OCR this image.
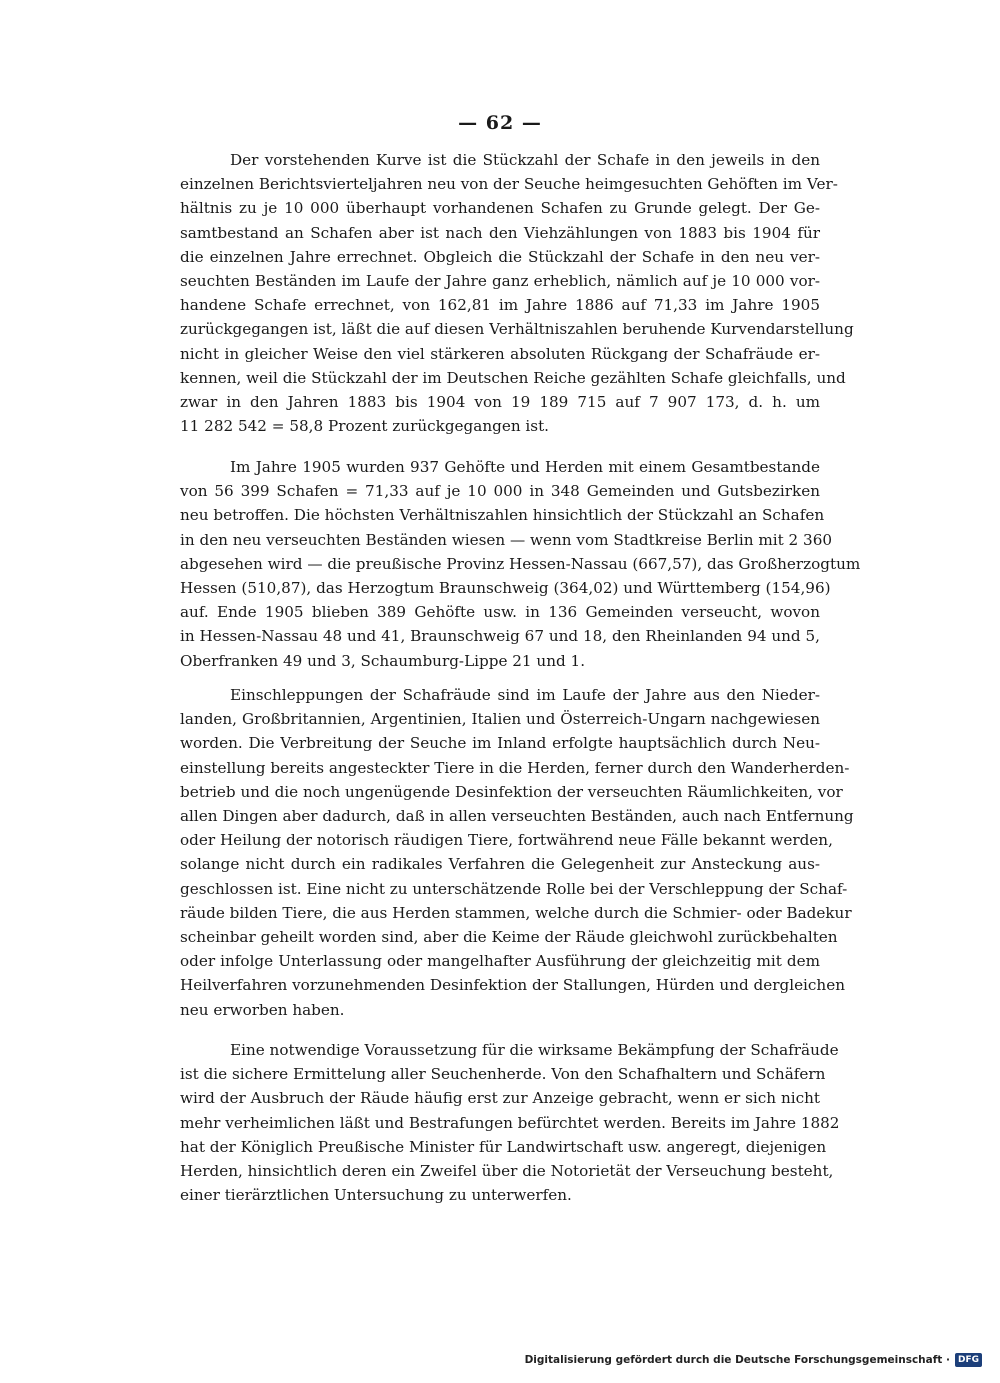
— 62 —
Der vorstehenden Kurve ist die Stückzahl der Schafe in den jeweils in den
einzelnen Berichtsvierteljahren neu von der Seuche heimgesuchten Gehöften im Ver-
hältnis zu je 10 000 überhaupt vorhandenen Schafen zu Grunde gelegt. Der Ge-
samtbestand an Schafen aber ist nach den Viehzählungen von 1883 bis 1904 für
die einzelnen Jahre errechnet. Obgleich die Stückzahl der Schafe in den neu ver-
seuchten Beständen im Laufe der Jahre ganz erheblich, nämlich auf je 10 000 vor-
handene Schafe errechnet, von 162,81 im Jahre 1886 auf 71,33 im Jahre 1905
zurückgegangen ist, läßt die auf diesen Verhältniszahlen beruhende Kurvendarstellung
nicht in gleicher Weise den viel stärkeren absoluten Rückgang der Schafräude er-
kennen, weil die Stückzahl der im Deutschen Reiche gezählten Schafe gleichfalls, und
zwar in den Jahren 1883 bis 1904 von 19 189 715 auf 7 907 173, d. h. um
11 282 542 = 58,8 Prozent zurückgegangen ist.
Im Jahre 1905 wurden 937 Gehöfte und Herden mit einem Gesamtbestande
von 56 399 Schafen = 71,33 auf je 10 000 in 348 Gemeinden und Gutsbezirken
neu betroffen. Die höchsten Verhältniszahlen hinsichtlich der Stückzahl an Schafen
in den neu verseuchten Beständen wiesen — wenn vom Stadtkreise Berlin mit 2 360
abgesehen wird — die preußische Provinz Hessen-Nassau (667,57), das Großherzogtum
Hessen (510,87), das Herzogtum Braunschweig (364,02) und Württemberg (154,96)
auf. Ende 1905 blieben 389 Gehöfte usw. in 136 Gemeinden verseucht, wovon
in Hessen-Nassau 48 und 41, Braunschweig 67 und 18, den Rheinlanden 94 und 5,
Oberfranken 49 und 3, Schaumburg-Lippe 21 und 1.
Einschleppungen der Schafräude sind im Laufe der Jahre aus den Nieder-
landen, Großbritannien, Argentinien, Italien und Österreich-Ungarn nachgewiesen
worden. Die Verbreitung der Seuche im Inland erfolgte hauptsächlich durch Neu-
einstellung bereits angesteckter Tiere in die Herden, ferner durch den Wanderherden-
betrieb und die noch ungenügende Desinfektion der verseuchten Räumlichkeiten, vor
allen Dingen aber dadurch, daß in allen verseuchten Beständen, auch nach Entfernung
oder Heilung der notorisch räudigen Tiere, fortwährend neue Fälle bekannt werden,
solange nicht durch ein radikales Verfahren die Gelegenheit zur Ansteckung aus-
geschlossen ist. Eine nicht zu unterschätzende Rolle bei der Verschleppung der Schaf-
räude bilden Tiere, die aus Herden stammen, welche durch die Schmier- oder Badekur
scheinbar geheilt worden sind, aber die Keime der Räude gleichwohl zurückbehalten
oder infolge Unterlassung oder mangelhafter Ausführung der gleichzeitig mit dem
Heilverfahren vorzunehmenden Desinfektion der Stallungen, Hürden und dergleichen
neu erworben haben.
Eine notwendige Voraussetzung für die wirksame Bekämpfung der Schafräude
ist die sichere Ermittelung aller Seuchenherde. Von den Schafhaltern und Schäfern
wird der Ausbruch der Räude häufig erst zur Anzeige gebracht, wenn er sich nicht
mehr verheimlichen läßt und Bestrafungen befürchtet werden. Bereits im Jahre 1882
hat der Königlich Preußische Minister für Landwirtschaft usw. angeregt, diejenigen
Herden, hinsichtlich deren ein Zweifel über die Notorietät der Verseuchung besteht,
einer tierärztlichen Untersuchung zu unterwerfen.
Digitalisierung gefördert durch die Deutsche Forschungsgemeinschaft · DFG
